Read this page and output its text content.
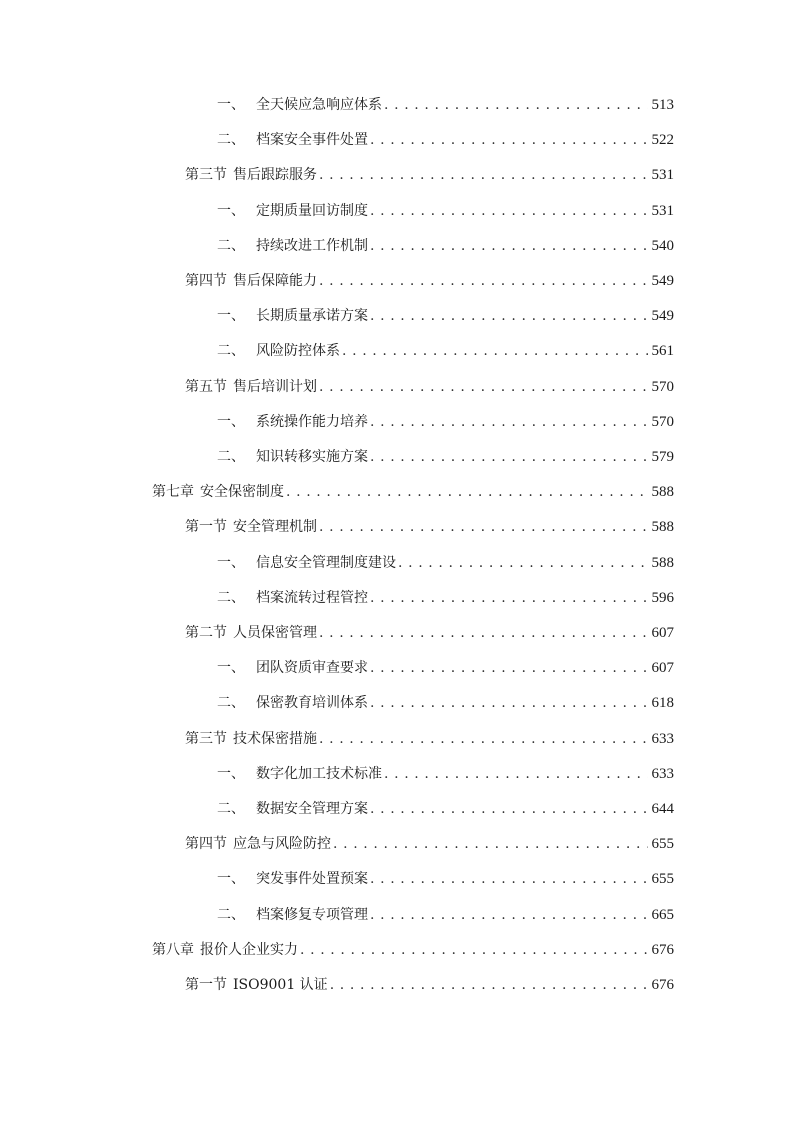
一、 全天候应急响应体系 . . .	513
二、 档案安全事件处置 . . .	522
第三节 售后跟踪服务 . . .	531
一、 定期质量回访制度 . . .	531
二、 持续改进工作机制 . . .	540
第四节 售后保障能力 . . .	549
一、 长期质量承诺方案 . . .	549
二、 风险防控体系 . . .	561
第五节 售后培训计划 . . .	570
一、 系统操作能力培养 . . .	570
二、 知识转移实施方案 . . .	579
第七章 安全保密制度 . . .	588
第一节 安全管理机制 . . .	588
一、 信息安全管理制度建设 . . .	588
二、 档案流转过程管控 . . .	596
第二节 人员保密管理 . . .	607
一、 团队资质审查要求 . . .	607
二、 保密教育培训体系 . . .	618
第三节 技术保密措施 . . .	633
一、 数字化加工技术标准 . . .	633
二、 数据安全管理方案 . . .	644
第四节 应急与风险防控 . . .	655
一、 突发事件处置预案 . . .	655
二、 档案修复专项管理 . . .	665
第八章 报价人企业实力 . . .	676
第一节 ISO9001 认证 . . .	676
